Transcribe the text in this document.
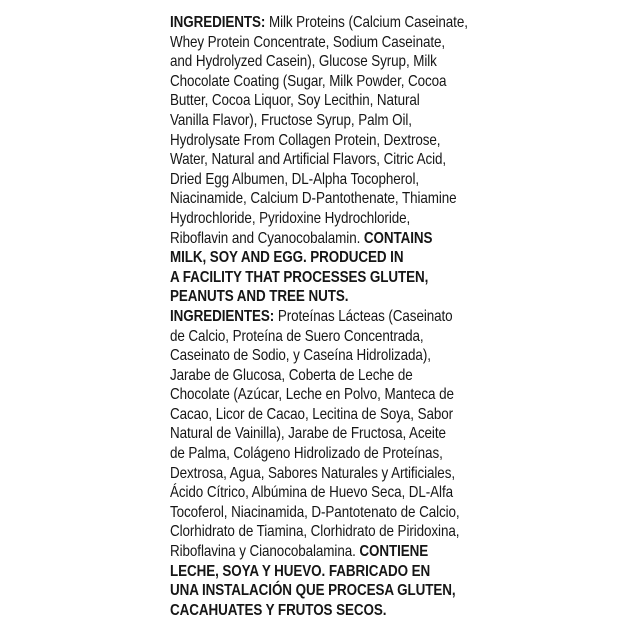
INGREDIENTS: Milk Proteins (Calcium Caseinate,
Whey Protein Concentrate, Sodium Caseinate,
and Hydrolyzed Casein), Glucose Syrup, Milk
Chocolate Coating (Sugar, Milk Powder, Cocoa
Butter, Cocoa Liquor, Soy Lecithin, Natural
Vanilla Flavor), Fructose Syrup, Palm Oil,
Hydrolysate From Collagen Protein, Dextrose,
Water, Natural and Artificial Flavors, Citric Acid,
Dried Egg Albumen, DL-Alpha Tocopherol,
Niacinamide, Calcium D-Pantothenate, Thiamine
Hydrochloride, Pyridoxine Hydrochloride,
Riboflavin and Cyanocobalamin. CONTAINS
MILK, SOY AND EGG. PRODUCED IN
A FACILITY THAT PROCESSES GLUTEN,
PEANUTS AND TREE NUTS.
INGREDIENTES: Proteínas Lácteas (Caseinato
de Calcio, Proteína de Suero Concentrada,
Caseinato de Sodio, y Caseína Hidrolizada),
Jarabe de Glucosa, Coberta de Leche de
Chocolate (Azúcar, Leche en Polvo, Manteca de
Cacao, Licor de Cacao, Lecitina de Soya, Sabor
Natural de Vainilla), Jarabe de Fructosa, Aceite
de Palma, Colágeno Hidrolizado de Proteínas,
Dextrosa, Agua, Sabores Naturales y Artificiales,
Ácido Cítrico, Albúmina de Huevo Seca, DL-Alfa
Tocoferol, Niacinamida, D-Pantotenato de Calcio,
Clorhidrato de Tiamina, Clorhidrato de Piridoxina,
Riboflavina y Cianocobalamina. CONTIENE
LECHE, SOYA Y HUEVO. FABRICADO EN
UNA INSTALACIÓN QUE PROCESA GLUTEN,
CACAHUATES Y FRUTOS SECOS.
